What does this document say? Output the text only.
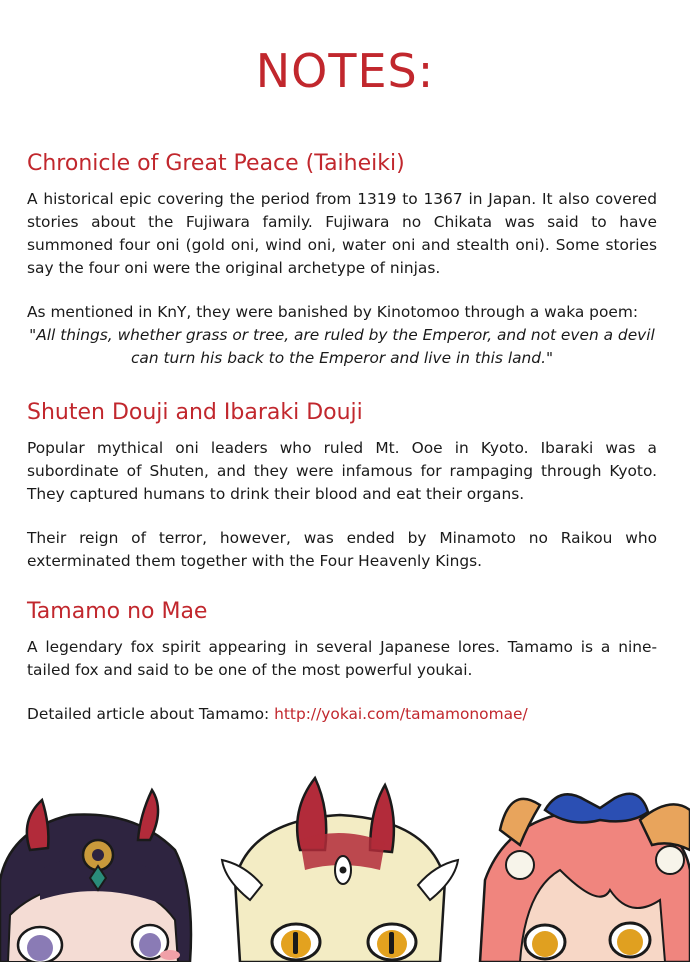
NOTES:
Chronicle of Great Peace (Taiheiki)

A historical epic covering the period from 1319 to 1367 in Japan. It also covered stories about the Fujiwara family. Fujiwara no Chikata was said to have summoned four oni (gold oni, wind oni, water oni and stealth oni). Some stories say the four oni were the original archetype of ninjas.

As mentioned in KnY, they were banished by Kinotomoo through a waka poem:

"All things, whether grass or tree, are ruled by the Emperor, and not even a devil can turn his back to the Emperor and live in this land."

Shuten Douji and Ibaraki Douji

Popular mythical oni leaders who ruled Mt. Ooe in Kyoto. Ibaraki was a subordinate of Shuten, and they were infamous for rampaging through Kyoto. They captured humans to drink their blood and eat their organs.

Their reign of terror, however, was ended by Minamoto no Raikou who exterminated them together with the Four Heavenly Kings.

Tamamo no Mae

A legendary fox spirit appearing in several Japanese lores. Tamamo is a nine-tailed fox and said to be one of the most powerful youkai.

Detailed article about Tamamo: http://yokai.com/tamamonomae/
